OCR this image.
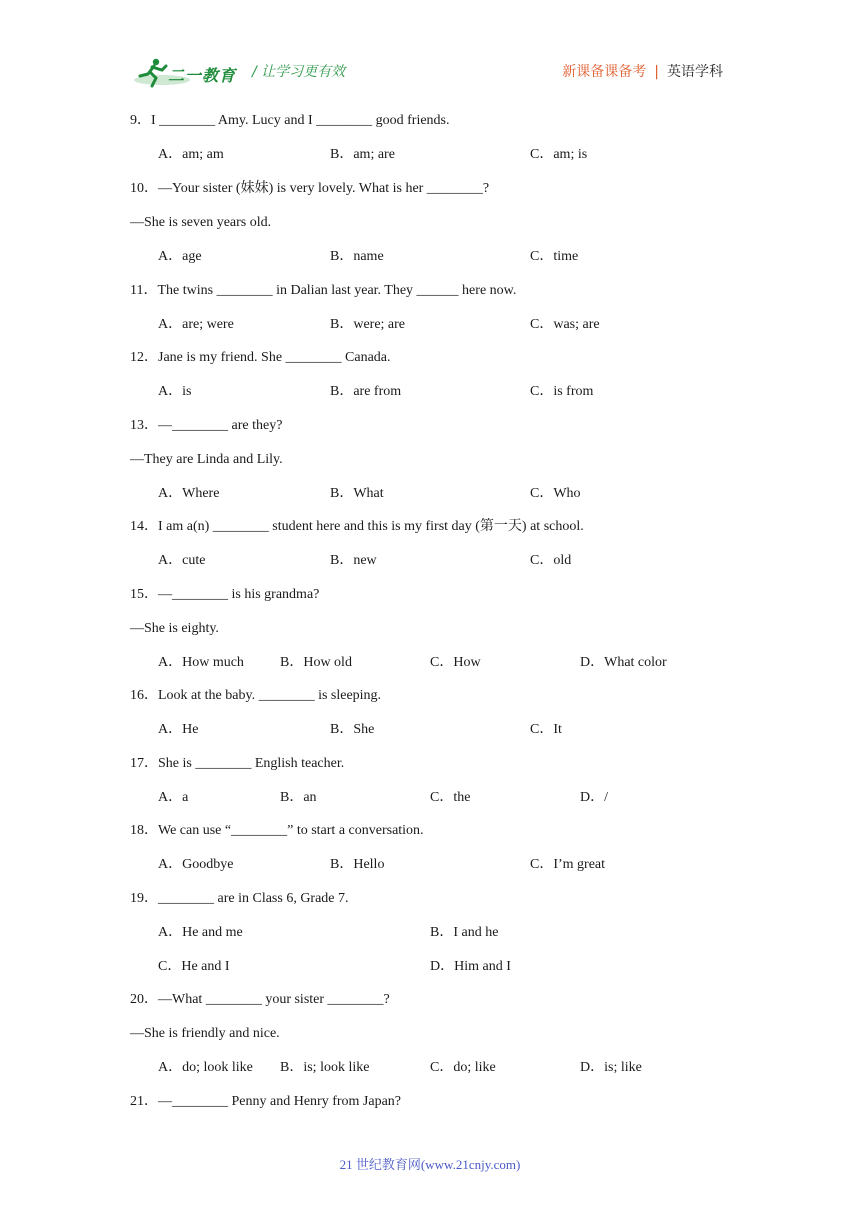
二一教育 / 让学习更有效	新课备课备考 | 英语学科
9．I ________ Amy. Lucy and I ________ good friends.
A．am; am	B．am; are	C．am; is
10．—Your sister (妹妹) is very lovely. What is her ________?
—She is seven years old.
A．age	B．name	C．time
11．The twins ________ in Dalian last year. They ______ here now.
A．are; were	B．were; are	C．was; are
12．Jane is my friend. She ________ Canada.
A．is	B．are from	C．is from
13．—________ are they?
—They are Linda and Lily.
A．Where	B．What	C．Who
14．I am a(n) ________ student here and this is my first day (第一天) at school.
A．cute	B．new	C．old
15．—________ is his grandma?
—She is eighty.
A．How much	B．How old	C．How	D．What color
16．Look at the baby. ________ is sleeping.
A．He	B．She	C．It
17．She is ________ English teacher.
A．a	B．an	C．the	D．/
18．We can use “________” to start a conversation.
A．Goodbye	B．Hello	C．I’m great
19．________ are in Class 6, Grade 7.
A．He and me	B．I and he
C．He and I	D．Him and I
20．—What ________ your sister ________?
—She is friendly and nice.
A．do; look like B．is; look like	C．do; like	D．is; like
21．—________ Penny and Henry from Japan?
21 世纪教育网(www.21cnjy.com)
